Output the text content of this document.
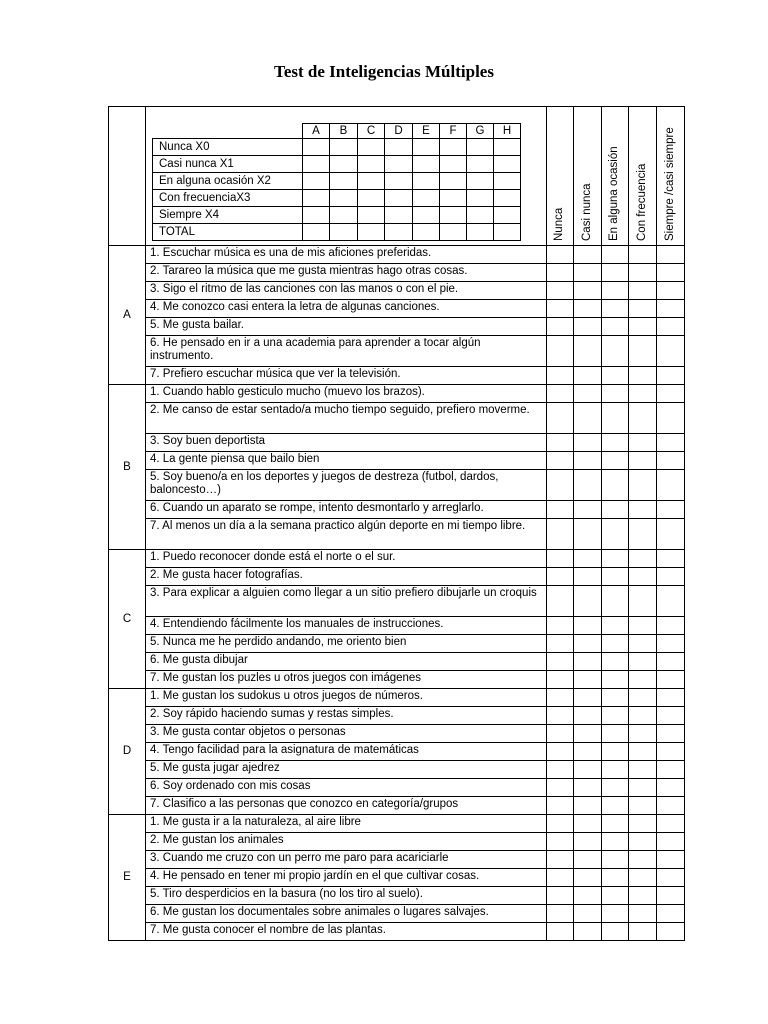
Test de Inteligencias Múltiples

	A	B	C	D	E	F	G	H
Nunca X0								
Casi nunca X1								
En alguna ocasión X2								
Con frecuenciaX3								
Siempre X4								
TOTAL								
		Nunca	Casi nunca	En alguna ocasión	Con frecuencia	Siempre /casi siempre

A	1. Escuchar música es una de mis aficiones preferidas.					
2. Tarareo la música que me gusta mientras hago otras cosas.					
3. Sigo el ritmo de las canciones con las manos o con el pie.					
4. Me conozco casi entera la letra de algunas canciones.					
5. Me gusta bailar.					
6. He pensado en ir a una academia para aprender a tocar algún instrumento.					
7. Prefiero escuchar música que ver la televisión.					
B	1. Cuando hablo gesticulo mucho (muevo los brazos).					
2. Me canso de estar sentado/a mucho tiempo seguido, prefiero moverme.					
3. Soy buen deportista					
4. La gente piensa que bailo bien					
5. Soy bueno/a en los deportes y juegos de destreza (futbol, dardos, baloncesto…)					
6. Cuando un aparato se rompe, intento desmontarlo y arreglarlo.					
7. Al menos un día a la semana practico algún deporte en mi tiempo libre.					
C	1. Puedo reconocer donde está el norte o el sur.					
2. Me gusta hacer fotografías.					
3. Para explicar a alguien como llegar a un sitio prefiero dibujarle un croquis					
4. Entendiendo fácilmente los manuales de instrucciones.					
5. Nunca me he perdido andando, me oriento bien					
6. Me gusta dibujar					
7. Me gustan los puzles u otros juegos con imágenes					
D	1. Me gustan los sudokus u otros juegos de números.					
2. Soy rápido haciendo sumas y restas simples.					
3. Me gusta contar objetos o personas					
4. Tengo facilidad para la asignatura de matemáticas					
5. Me gusta jugar ajedrez					
6. Soy ordenado con mis cosas					
7. Clasifico a las personas que conozco en categoría/grupos					
E	1. Me gusta ir a la naturaleza, al aire libre					
2. Me gustan los animales					
3. Cuando me cruzo con un perro me paro para acariciarle					
4. He pensado en tener mi propio jardín en el que cultivar cosas.					
5. Tiro desperdicios en la basura (no los tiro al suelo).					
6. Me gustan los documentales sobre animales o lugares salvajes.					
7. Me gusta conocer el nombre de las plantas.					
